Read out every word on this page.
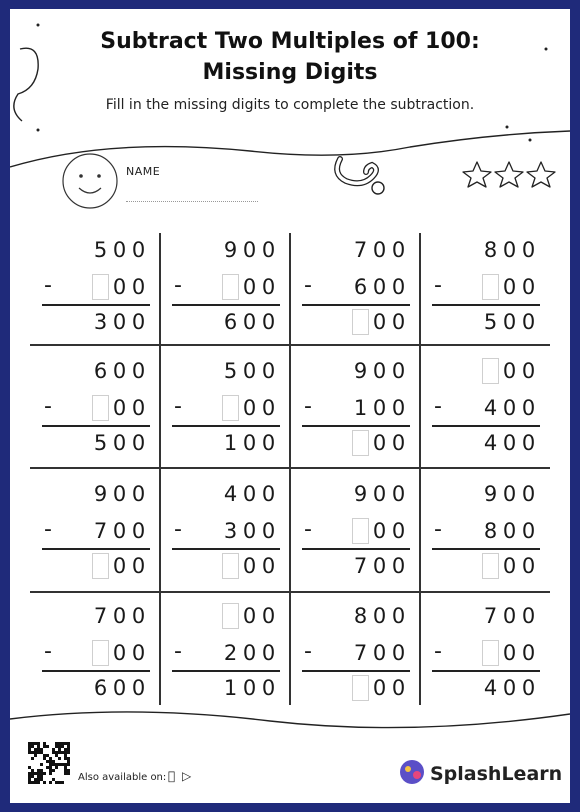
Subtract Two Multiples of 100:
Missing Digits
Fill in the missing digits to complete the subtraction.
NAME
5 0 0
-	0 0
3 0 0
9 0 0
-	0 0
6 0 0
7 0 0
- 6 0 0
0 0
8 0 0
-	0 0
5 0 0
6 0 0
-	0 0
5 0 0
5 0 0
-	0 0
1 0 0
9 0 0
- 1 0 0
0 0
0 0
- 4 0 0
4 0 0
9 0 0
- 7 0 0
0 0
4 0 0
- 3 0 0
0 0
9 0 0
-	0 0
7 0 0
9 0 0
- 8 0 0
0 0
7 0 0
-	0 0
6 0 0
0 0
- 2 0 0
1 0 0
8 0 0
- 7 0 0
0 0
7 0 0
-	0 0
4 0 0
Also available on: ▷	SplashLearn
